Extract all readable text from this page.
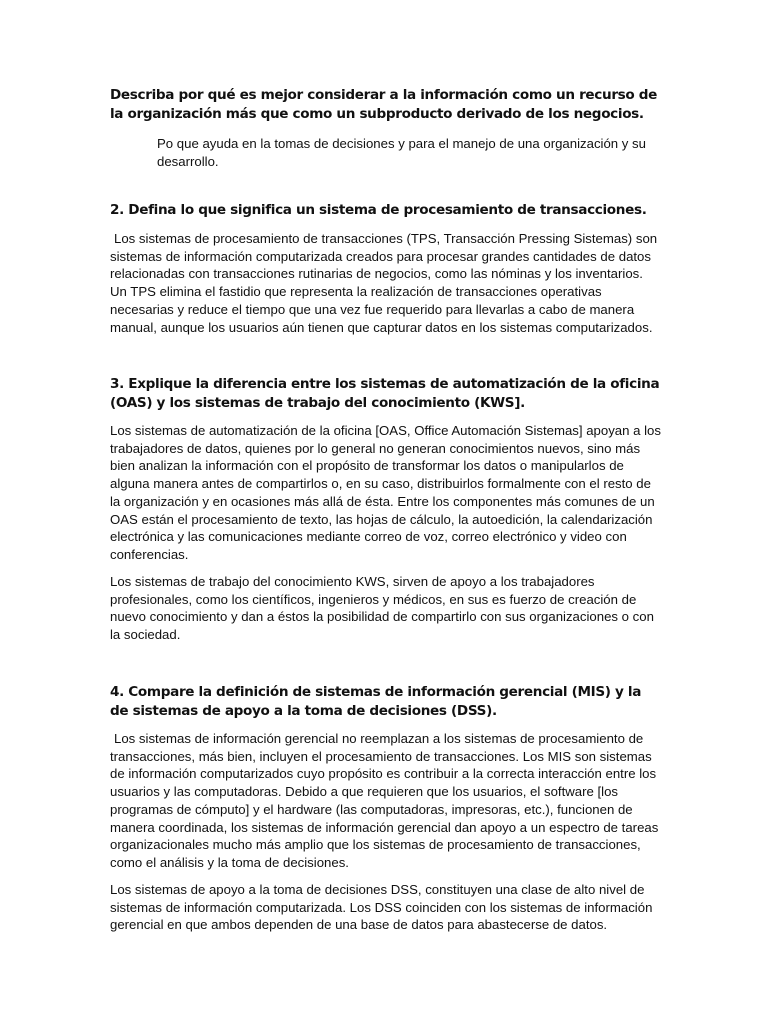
Describa por qué es mejor considerar a la información como un recurso de la organización más que como un subproducto derivado de los negocios.

Po que ayuda en la tomas de decisiones y para el manejo de una organización y su desarrollo.

2. Defina lo que significa un sistema de procesamiento de transacciones.

Los sistemas de procesamiento de transacciones (TPS, Transacción Pressing Sistemas) son sistemas de información computarizada creados para procesar grandes cantidades de datos relacionadas con transacciones rutinarias de negocios, como las nóminas y los inventarios. Un TPS elimina el fastidio que representa la realización de transacciones operativas necesarias y reduce el tiempo que una vez fue requerido para llevarlas a cabo de manera manual, aunque los usuarios aún tienen que capturar datos en los sistemas computarizados.

3. Explique la diferencia entre los sistemas de automatización de la oficina (OAS) y los sistemas de trabajo del conocimiento (KWS].

Los sistemas de automatización de la oficina [OAS, Office Automación Sistemas] apoyan a los trabajadores de datos, quienes por lo general no generan conocimientos nuevos, sino más bien analizan la información con el propósito de transformar los datos o manipularlos de alguna manera antes de compartirlos o, en su caso, distribuirlos formalmente con el resto de la organización y en ocasiones más allá de ésta. Entre los componentes más comunes de un OAS están el procesamiento de texto, las hojas de cálculo, la autoedición, la calendarización electrónica y las comunicaciones mediante correo de voz, correo electrónico y video con conferencias.

Los sistemas de trabajo del conocimiento KWS, sirven de apoyo a los trabajadores profesionales, como los científicos, ingenieros y médicos, en sus es fuerzo de creación de nuevo conocimiento y dan a éstos la posibilidad de compartirlo con sus organizaciones o con la sociedad.

4. Compare la definición de sistemas de información gerencial (MIS) y la de sistemas de apoyo a la toma de decisiones (DSS).

Los sistemas de información gerencial no reemplazan a los sistemas de procesamiento de transacciones, más bien, incluyen el procesamiento de transacciones. Los MIS son sistemas de información computarizados cuyo propósito es contribuir a la correcta interacción entre los usuarios y las computadoras. Debido a que requieren que los usuarios, el software [los programas de cómputo] y el hardware (las computadoras, impresoras, etc.), funcionen de manera coordinada, los sistemas de información gerencial dan apoyo a un espectro de tareas organizacionales mucho más amplio que los sistemas de procesamiento de transacciones, como el análisis y la toma de decisiones.

Los sistemas de apoyo a la toma de decisiones DSS, constituyen una clase de alto nivel de sistemas de información computarizada. Los DSS coinciden con los sistemas de información gerencial en que ambos dependen de una base de datos para abastecerse de datos.
